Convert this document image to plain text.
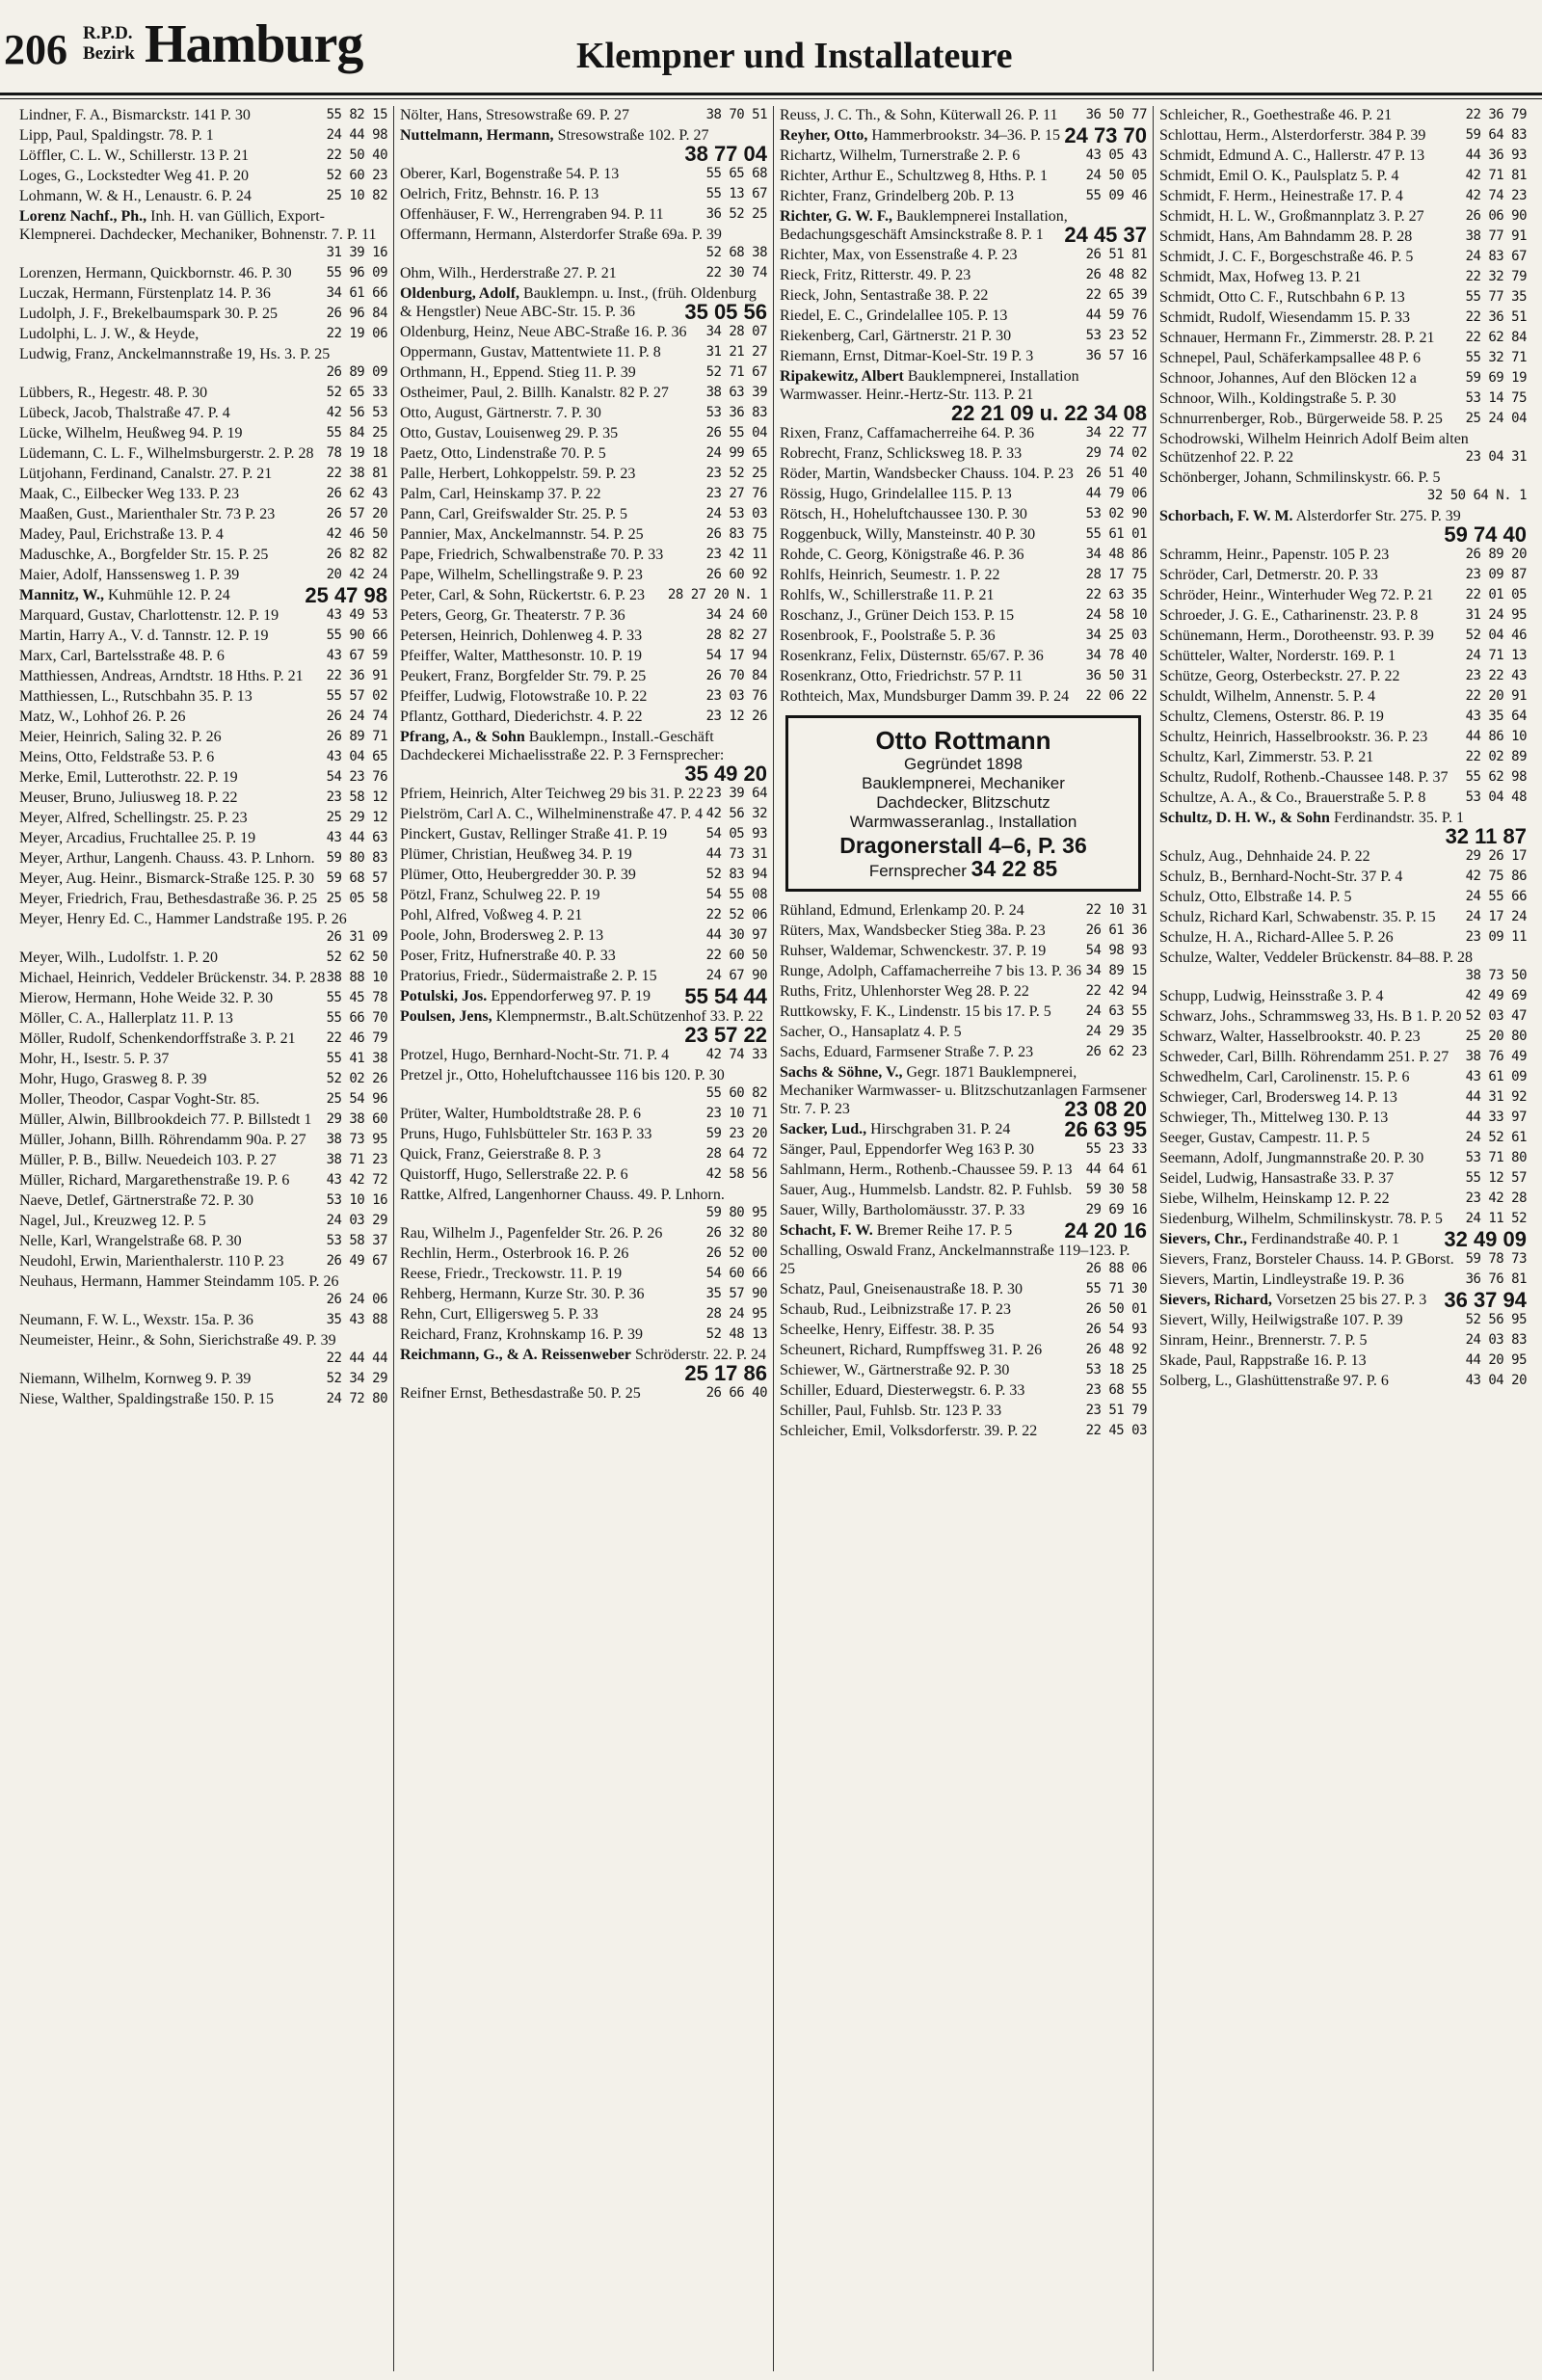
206 R.P.D.
Bezirk Hamburg	Klempner und Installateure
Lindner, F. A., Bismarckstr. 141 P. 30	55 82 15
Lipp, Paul, Spaldingstr. 78. P. 1	24 44 98
Löffler, C. L. W., Schillerstr. 13 P. 21	22 50 40
Loges, G., Lockstedter Weg 41. P. 20	52 60 23
Lohmann, W. & H., Lenaustr. 6. P. 24	25 10 82
Lorenz Nachf., Ph., Inh. H. van Güllich, Export-Klempnerei. Dachdecker, Mechaniker, Bohnenstr. 7. P. 11
31 39 16
Lorenzen, Hermann, Quickbornstr. 46. P. 30	55 96 09
Luczak, Hermann, Fürstenplatz 14. P. 36	34 61 66
Ludolph, J. F., Brekelbaumspark 30. P. 25	26 96 84
Ludolphi, L. J. W., & Heyde,	22 19 06
Ludwig, Franz, Anckelmannstraße 19, Hs. 3. P. 25
26 89 09
Lübbers, R., Hegestr. 48. P. 30	52 65 33
Lübeck, Jacob, Thalstraße 47. P. 4	42 56 53
Lücke, Wilhelm, Heußweg 94. P. 19	55 84 25
Lüdemann, C. L. F., Wilhelmsburgerstr. 2. P. 28 78 19 18
Lütjohann, Ferdinand, Canalstr. 27. P. 21	22 38 81
Maak, C., Eilbecker Weg 133. P. 23	26 62 43
Maaßen, Gust., Marienthaler Str. 73 P. 23	26 57 20
Madey, Paul, Erichstraße 13. P. 4	42 46 50
Maduschke, A., Borgfelder Str. 15. P. 25	26 82 82
Maier, Adolf, Hanssensweg 1. P. 39	20 42 24
Mannitz, W., Kuhmühle 12. P. 24	25 47 98
Marquard, Gustav, Charlottenstr. 12. P. 19	43 49 53
Martin, Harry A., V. d. Tannstr. 12. P. 19	55 90 66
Marx, Carl, Bartelsstraße 48. P. 6	43 67 59
Matthiessen, Andreas, Arndtstr. 18 Hths. P. 21 22 36 91
Matthiessen, L., Rutschbahn 35. P. 13	55 57 02
Matz, W., Lohhof 26. P. 26	26 24 74
Meier, Heinrich, Saling 32. P. 26	26 89 71
Meins, Otto, Feldstraße 53. P. 6	43 04 65
Merke, Emil, Lutterothstr. 22. P. 19	54 23 76
Meuser, Bruno, Juliusweg 18. P. 22	23 58 12
Meyer, Alfred, Schellingstr. 25. P. 23	25 29 12
Meyer, Arcadius, Fruchtallee 25. P. 19	43 44 63
Meyer, Arthur, Langenh. Chauss. 43. P. Lnhorn. 59 80 83
Meyer, Aug. Heinr., Bismarck-Straße 125. P. 30 59 68 57
Meyer, Friedrich, Frau, Bethesdastraße 36. P. 25 25 05 58
Meyer, Henry Ed. C., Hammer Landstraße 195. P. 26
26 31 09
Meyer, Wilh., Ludolfstr. 1. P. 20	52 62 50
Michael, Heinrich, Veddeler Brückenstr. 34. P. 28 38 88 10
Mierow, Hermann, Hohe Weide 32. P. 30	55 45 78
Möller, C. A., Hallerplatz 11. P. 13	55 66 70
Möller, Rudolf, Schenkendorffstraße 3. P. 21 22 46 79
Mohr, H., Isestr. 5. P. 37	55 41 38
Mohr, Hugo, Grasweg 8. P. 39	52 02 26
Moller, Theodor, Caspar Voght-Str. 85.	25 54 96
Müller, Alwin, Billbrookdeich 77. P. Billstedt 1 29 38 60
Müller, Johann, Billh. Röhrendamm 90a. P. 27 38 73 95
Müller, P. B., Billw. Neuedeich 103. P. 27	38 71 23
Müller, Richard, Margarethenstraße 19. P. 6	43 42 72
Naeve, Detlef, Gärtnerstraße 72. P. 30	53 10 16
Nagel, Jul., Kreuzweg 12. P. 5	24 03 29
Nelle, Karl, Wrangelstraße 68. P. 30	53 58 37
Neudohl, Erwin, Marienthalerstr. 110 P. 23	26 49 67
Neuhaus, Hermann, Hammer Steindamm 105. P. 26
26 24 06
Neumann, F. W. L., Wexstr. 15a. P. 36	35 43 88
Neumeister, Heinr., & Sohn, Sierichstraße 49. P. 39
22 44 44
Niemann, Wilhelm, Kornweg 9. P. 39	52 34 29
Niese, Walther, Spaldingstraße 150. P. 15	24 72 80
Nölter, Hans, Stresowstraße 69. P. 27	38 70 51
Nuttelmann, Hermann, Stresowstraße 102. P. 27
38 77 04
Oberer, Karl, Bogenstraße 54. P. 13	55 65 68
Oelrich, Fritz, Behnstr. 16. P. 13	55 13 67
Offenhäuser, F. W., Herrengraben 94. P. 11	36 52 25
Offermann, Hermann, Alsterdorfer Straße 69a. P. 39
52 68 38
Ohm, Wilh., Herderstraße 27. P. 21	22 30 74
Oldenburg, Adolf, Bauklempn. u. Inst., (früh. Oldenburg & Hengstler) Neue ABC-Str. 15. P. 36 35 05 56
Oldenburg, Heinz, Neue ABC-Straße 16. P. 36 34 28 07
Oppermann, Gustav, Mattentwiete 11. P. 8	31 21 27
Orthmann, H., Eppend. Stieg 11. P. 39	52 71 67
Ostheimer, Paul, 2. Billh. Kanalstr. 82 P. 27	38 63 39
Otto, August, Gärtnerstr. 7. P. 30	53 36 83
Otto, Gustav, Louisenweg 29. P. 35	26 55 04
Paetz, Otto, Lindenstraße 70. P. 5	24 99 65
Palle, Herbert, Lohkoppelstr. 59. P. 23	23 52 25
Palm, Carl, Heinskamp 37. P. 22	23 27 76
Pann, Carl, Greifswalder Str. 25. P. 5	24 53 03
Pannier, Max, Anckelmannstr. 54. P. 25	26 83 75
Pape, Friedrich, Schwalbenstraße 70. P. 33	23 42 11
Pape, Wilhelm, Schellingstraße 9. P. 23	26 60 92
Peter, Carl, & Sohn, Rückertstr. 6. P. 23 28 27 20 N. 1
Peters, Georg, Gr. Theaterstr. 7 P. 36	34 24 60
Petersen, Heinrich, Dohlenweg 4. P. 33	28 82 27
Pfeiffer, Walter, Matthesonstr. 10. P. 19	54 17 94
Peukert, Franz, Borgfelder Str. 79. P. 25	26 70 84
Pfeiffer, Ludwig, Flotowstraße 10. P. 22	23 03 76
Pflantz, Gotthard, Diederichstr. 4. P. 22	23 12 26
Pfrang, A., & Sohn Bauklempn., Install.-Geschäft Dachdeckerei Michaelisstraße 22. P. 3 Fernsprecher:
35 49 20
Pfriem, Heinrich, Alter Teichweg 29 bis 31. P. 22 23 39 64
Pielström, Carl A. C., Wilhelminenstraße 47. P. 4 42 56 32
Pinckert, Gustav, Rellinger Straße 41. P. 19	54 05 93
Plümer, Christian, Heußweg 34. P. 19	44 73 31
Plümer, Otto, Heubergredder 30. P. 39	52 83 94
Pötzl, Franz, Schulweg 22. P. 19	54 55 08
Pohl, Alfred, Voßweg 4. P. 21	22 52 06
Poole, John, Brodersweg 2. P. 13	44 30 97
Poser, Fritz, Hufnerstraße 40. P. 33	22 60 50
Pratorius, Friedr., Südermaistraße 2. P. 15	24 67 90
Potulski, Jos. Eppendorferweg 97. P. 19 55 54 44
Poulsen, Jens, Klempnermstr., B.alt.Schützenhof 33. P. 22
23 57 22
Protzel, Hugo, Bernhard-Nocht-Str. 71. P. 4	42 74 33
Pretzel jr., Otto, Hoheluftchaussee 116 bis 120. P. 30
55 60 82
Prüter, Walter, Humboldtstraße 28. P. 6	23 10 71
Pruns, Hugo, Fuhlsbütteler Str. 163 P. 33	59 23 20
Quick, Franz, Geierstraße 8. P. 3	28 64 72
Quistorff, Hugo, Sellerstraße 22. P. 6	42 58 56
Rattke, Alfred, Langenhorner Chauss. 49. P. Lnhorn.
59 80 95
Rau, Wilhelm J., Pagenfelder Str. 26. P. 26	26 32 80
Rechlin, Herm., Osterbrook 16. P. 26	26 52 00
Reese, Friedr., Treckowstr. 11. P. 19	54 60 66
Rehberg, Hermann, Kurze Str. 30. P. 36	35 57 90
Rehn, Curt, Elligersweg 5. P. 33	28 24 95
Reichard, Franz, Krohnskamp 16. P. 39	52 48 13
Reichmann, G., & A. Reissenweber Schröderstr. 22. P. 24
25 17 86
Reifner Ernst, Bethesdastraße 50. P. 25	26 66 40
Reuss, J. C. Th., & Sohn, Küterwall 26. P. 11 36 50 77
Reyher, Otto, Hammerbrookstr. 34–36. P. 15 24 73 70
Richartz, Wilhelm, Turnerstraße 2. P. 6	43 05 43
Richter, Arthur E., Schultzweg 8, Hths. P. 1	24 50 05
Richter, Franz, Grindelberg 20b. P. 13	55 09 46
Richter, G. W. F., Bauklempnerei Installation, Bedachungsgeschäft Amsinckstraße 8. P. 1 24 45 37
Richter, Max, von Essenstraße 4. P. 23	26 51 81
Rieck, Fritz, Ritterstr. 49. P. 23	26 48 82
Rieck, John, Sentastraße 38. P. 22	22 65 39
Riedel, E. C., Grindelallee 105. P. 13	44 59 76
Riekenberg, Carl, Gärtnerstr. 21 P. 30	53 23 52
Riemann, Ernst, Ditmar-Koel-Str. 19 P. 3	36 57 16
Ripakewitz, Albert Bauklempnerei, Installation Warmwasser. Heinr.-Hertz-Str. 113. P. 21
22 21 09 u. 22 34 08
Rixen, Franz, Caffamacherreihe 64. P. 36	34 22 77
Robrecht, Franz, Schlicksweg 18. P. 33	29 74 02
Röder, Martin, Wandsbecker Chauss. 104. P. 23 26 51 40
Rössig, Hugo, Grindelallee 115. P. 13	44 79 06
Rötsch, H., Hoheluftchaussee 130. P. 30	53 02 90
Roggenbuck, Willy, Mansteinstr. 40 P. 30	55 61 01
Rohde, C. Georg, Königstraße 46. P. 36	34 48 86
Rohlfs, Heinrich, Seumestr. 1. P. 22	28 17 75
Rohlfs, W., Schillerstraße 11. P. 21	22 63 35
Roschanz, J., Grüner Deich 153. P. 15	24 58 10
Rosenbrook, F., Poolstraße 5. P. 36	34 25 03
Rosenkranz, Felix, Düsternstr. 65/67. P. 36	34 78 40
Rosenkranz, Otto, Friedrichstr. 57 P. 11	36 50 31
Rothteich, Max, Mundsburger Damm 39. P. 24 22 06 22
Otto Rottmann
Gegründet 1898
Bauklempnerei, Mechaniker
Dachdecker, Blitzschutz
Warmwasseranlag., Installation
Dragonerstall 4–6, P. 36
Fernsprecher 34 22 85
Rühland, Edmund, Erlenkamp 20. P. 24	22 10 31
Rüters, Max, Wandsbecker Stieg 38a. P. 23	26 61 36
Ruhser, Waldemar, Schwenckestr. 37. P. 19	54 98 93
Runge, Adolph, Caffamacherreihe 7 bis 13. P. 36 34 89 15
Ruths, Fritz, Uhlenhorster Weg 28. P. 22	22 42 94
Ruttkowsky, F. K., Lindenstr. 15 bis 17. P. 5	24 63 55
Sacher, O., Hansaplatz 4. P. 5	24 29 35
Sachs, Eduard, Farmsener Straße 7. P. 23	26 62 23
Sachs & Söhne, V., Gegr. 1871 Bauklempnerei, Mechaniker Warmwasser- u. Blitzschutzanlagen Farmsener Str. 7. P. 23	23 08 20
Sacker, Lud., Hirschgraben 31. P. 24	26 63 95
Sänger, Paul, Eppendorfer Weg 163 P. 30	55 23 33
Sahlmann, Herm., Rothenb.-Chaussee 59. P. 13 44 64 61
Sauer, Aug., Hummelsb. Landstr. 82. P. Fuhlsb. 59 30 58
Sauer, Willy, Bartholomäusstr. 37. P. 33	29 69 16
Schacht, F. W. Bremer Reihe 17. P. 5 24 20 16
Schalling, Oswald Franz, Anckelmannstraße 119–123. P. 25	26 88 06
Schatz, Paul, Gneisenaustraße 18. P. 30	55 71 30
Schaub, Rud., Leibnizstraße 17. P. 23	26 50 01
Scheelke, Henry, Eiffestr. 38. P. 35	26 54 93
Scheunert, Richard, Rumpffsweg 31. P. 26	26 48 92
Schiewer, W., Gärtnerstraße 92. P. 30	53 18 25
Schiller, Eduard, Diesterwegstr. 6. P. 33	23 68 55
Schiller, Paul, Fuhlsb. Str. 123 P. 33	23 51 79
Schleicher, Emil, Volksdorferstr. 39. P. 22	22 45 03
Schleicher, R., Goethestraße 46. P. 21	22 36 79
Schlottau, Herm., Alsterdorferstr. 384 P. 39	59 64 83
Schmidt, Edmund A. C., Hallerstr. 47 P. 13	44 36 93
Schmidt, Emil O. K., Paulsplatz 5. P. 4	42 71 81
Schmidt, F. Herm., Heinestraße 17. P. 4	42 74 23
Schmidt, H. L. W., Großmannplatz 3. P. 27	26 06 90
Schmidt, Hans, Am Bahndamm 28. P. 28	38 77 91
Schmidt, J. C. F., Borgeschstraße 46. P. 5	24 83 67
Schmidt, Max, Hofweg 13. P. 21	22 32 79
Schmidt, Otto C. F., Rutschbahn 6 P. 13	55 77 35
Schmidt, Rudolf, Wiesendamm 15. P. 33	22 36 51
Schnauer, Hermann Fr., Zimmerstr. 28. P. 21 22 62 84
Schnepel, Paul, Schäferkampsallee 48 P. 6	55 32 71
Schnoor, Johannes, Auf den Blöcken 12 a	59 69 19
Schnoor, Wilh., Koldingstraße 5. P. 30	53 14 75
Schnurrenberger, Rob., Bürgerweide 58. P. 25 25 24 04
Schodrowski, Wilhelm Heinrich Adolf Beim alten Schützenhof 22. P. 22	23 04 31
Schönberger, Johann, Schmilinskystr. 66. P. 5
32 50 64 N. 1
Schorbach, F. W. M. Alsterdorfer Str. 275. P. 39
59 74 40
Schramm, Heinr., Papenstr. 105 P. 23	26 89 20
Schröder, Carl, Detmerstr. 20. P. 33	23 09 87
Schröder, Heinr., Winterhuder Weg 72. P. 21 22 01 05
Schroeder, J. G. E., Catharinenstr. 23. P. 8	31 24 95
Schünemann, Herm., Dorotheenstr. 93. P. 39 52 04 46
Schütteler, Walter, Norderstr. 169. P. 1	24 71 13
Schütze, Georg, Osterbeckstr. 27. P. 22	23 22 43
Schuldt, Wilhelm, Annenstr. 5. P. 4	22 20 91
Schultz, Clemens, Osterstr. 86. P. 19	43 35 64
Schultz, Heinrich, Hasselbrookstr. 36. P. 23	44 86 10
Schultz, Karl, Zimmerstr. 53. P. 21	22 02 89
Schultz, Rudolf, Rothenb.-Chaussee 148. P. 37 55 62 98
Schultze, A. A., & Co., Brauerstraße 5. P. 8	53 04 48
Schultz, D. H. W., & Sohn Ferdinandstr. 35. P. 1
32 11 87
Schulz, Aug., Dehnhaide 24. P. 22	29 26 17
Schulz, B., Bernhard-Nocht-Str. 37 P. 4	42 75 86
Schulz, Otto, Elbstraße 14. P. 5	24 55 66
Schulz, Richard Karl, Schwabenstr. 35. P. 15 24 17 24
Schulze, H. A., Richard-Allee 5. P. 26	23 09 11
Schulze, Walter, Veddeler Brückenstr. 84–88. P. 28
38 73 50
Schupp, Ludwig, Heinsstraße 3. P. 4	42 49 69
Schwarz, Johs., Schrammsweg 33, Hs. B 1. P. 20 52 03 47
Schwarz, Walter, Hasselbrookstr. 40. P. 23	25 20 80
Schweder, Carl, Billh. Röhrendamm 251. P. 27 38 76 49
Schwedhelm, Carl, Carolinenstr. 15. P. 6	43 61 09
Schwieger, Carl, Brodersweg 14. P. 13	44 31 92
Schwieger, Th., Mittelweg 130. P. 13	44 33 97
Seeger, Gustav, Campestr. 11. P. 5	24 52 61
Seemann, Adolf, Jungmannstraße 20. P. 30	53 71 80
Seidel, Ludwig, Hansastraße 33. P. 37	55 12 57
Siebe, Wilhelm, Heinskamp 12. P. 22	23 42 28
Siedenburg, Wilhelm, Schmilinskystr. 78. P. 5 24 11 52
Sievers, Chr., Ferdinandstraße 40. P. 1 32 49 09
Sievers, Franz, Borsteler Chauss. 14. P. GBorst. 59 78 73
Sievers, Martin, Lindleystraße 19. P. 36	36 76 81
Sievers, Richard, Vorsetzen 25 bis 27. P. 3 36 37 94
Sievert, Willy, Heilwigstraße 107. P. 39	52 56 95
Sinram, Heinr., Brennerstr. 7. P. 5	24 03 83
Skade, Paul, Rappstraße 16. P. 13	44 20 95
Solberg, L., Glashüttenstraße 97. P. 6	43 04 20
